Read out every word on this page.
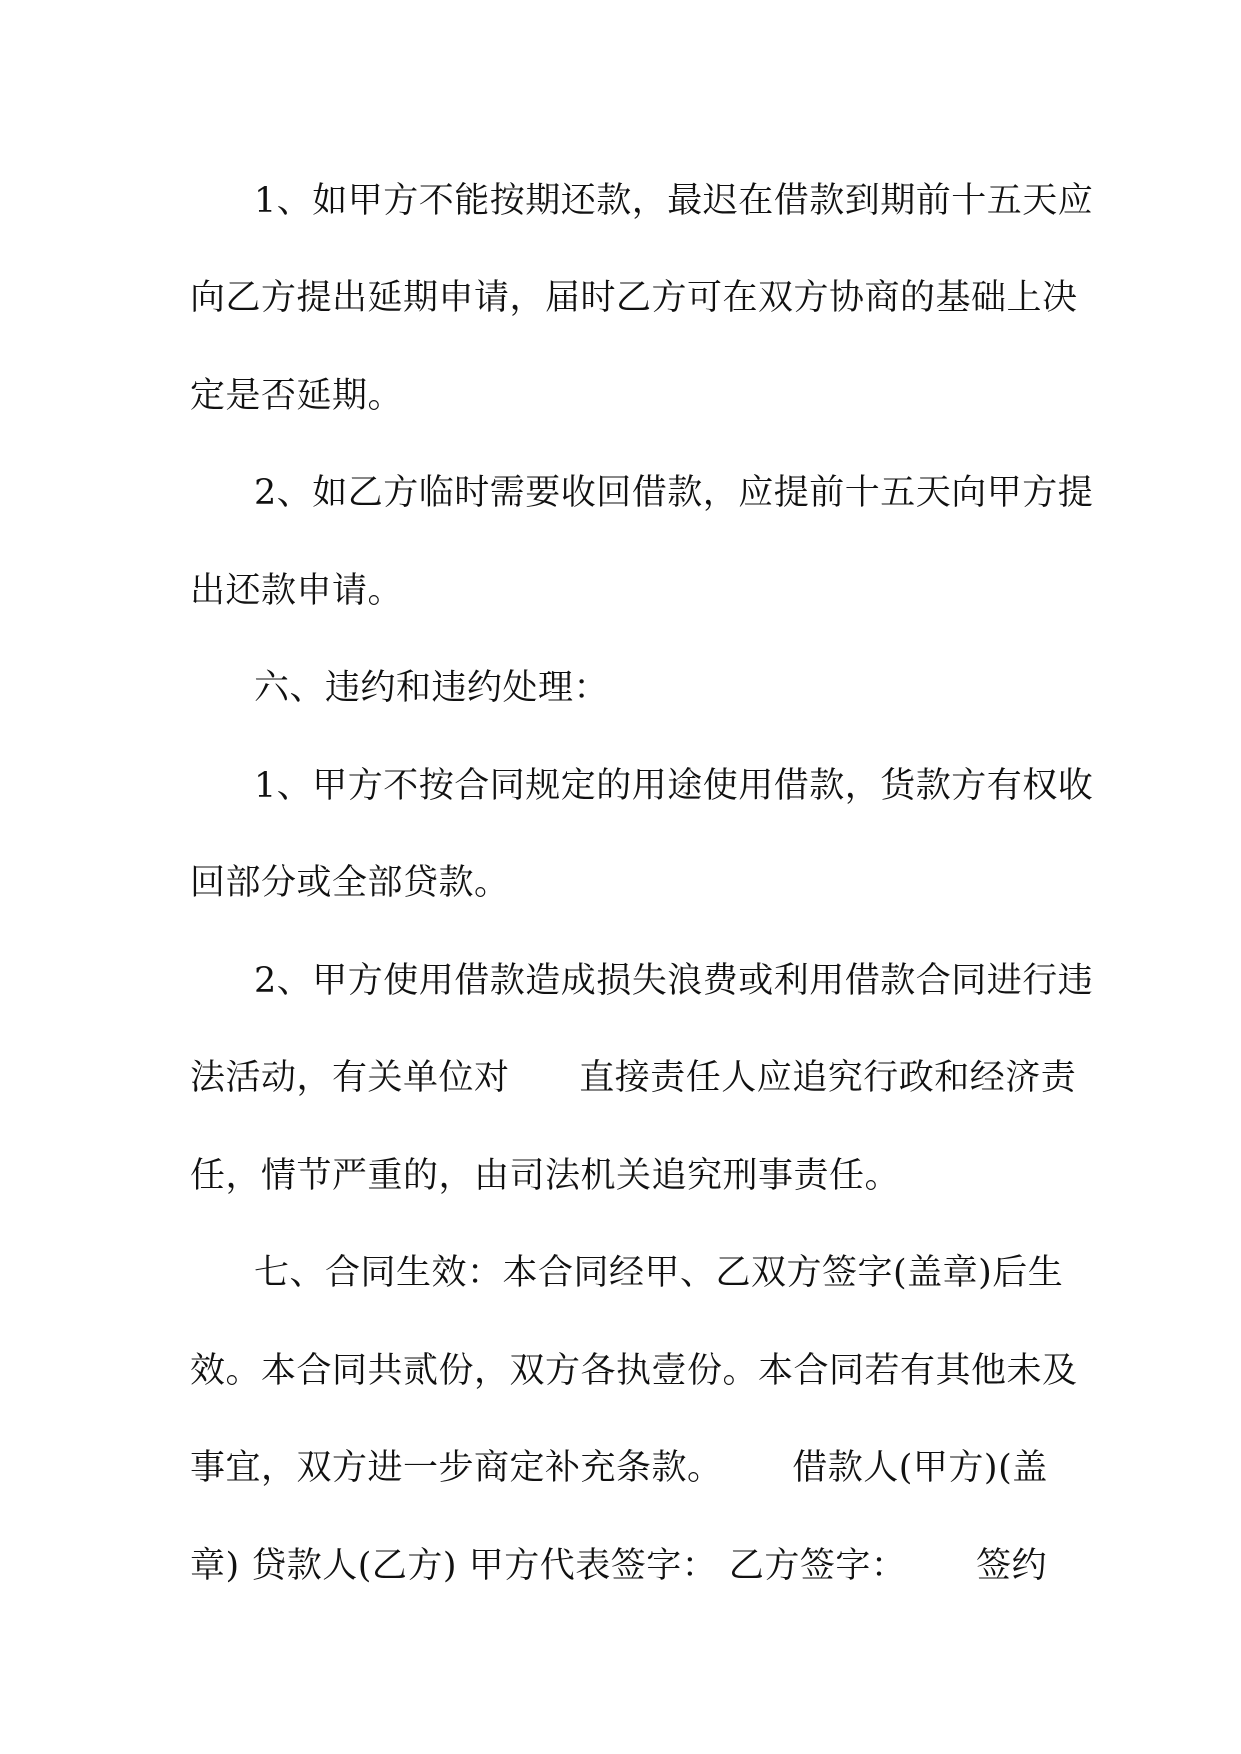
1、如甲方不能按期还款，最迟在借款到期前十五天应
向乙方提出延期申请，届时乙方可在双方协商的基础上决
定是否延期。
2、如乙方临时需要收回借款，应提前十五天向甲方提
出还款申请。
六、违约和违约处理：
1、甲方不按合同规定的用途使用借款，货款方有权收
回部分或全部贷款。
2、甲方使用借款造成损失浪费或利用借款合同进行违
法活动，有关单位对      直接责任人应追究行政和经济责
任，情节严重的，由司法机关追究刑事责任。
七、合同生效：本合同经甲、乙双方签字(盖章)后生
效。本合同共贰份，双方各执壹份。本合同若有其他未及
事宜，双方进一步商定补充条款。      借款人(甲方)(盖
章) 贷款人(乙方) 甲方代表签字： 乙方签字：      签约
